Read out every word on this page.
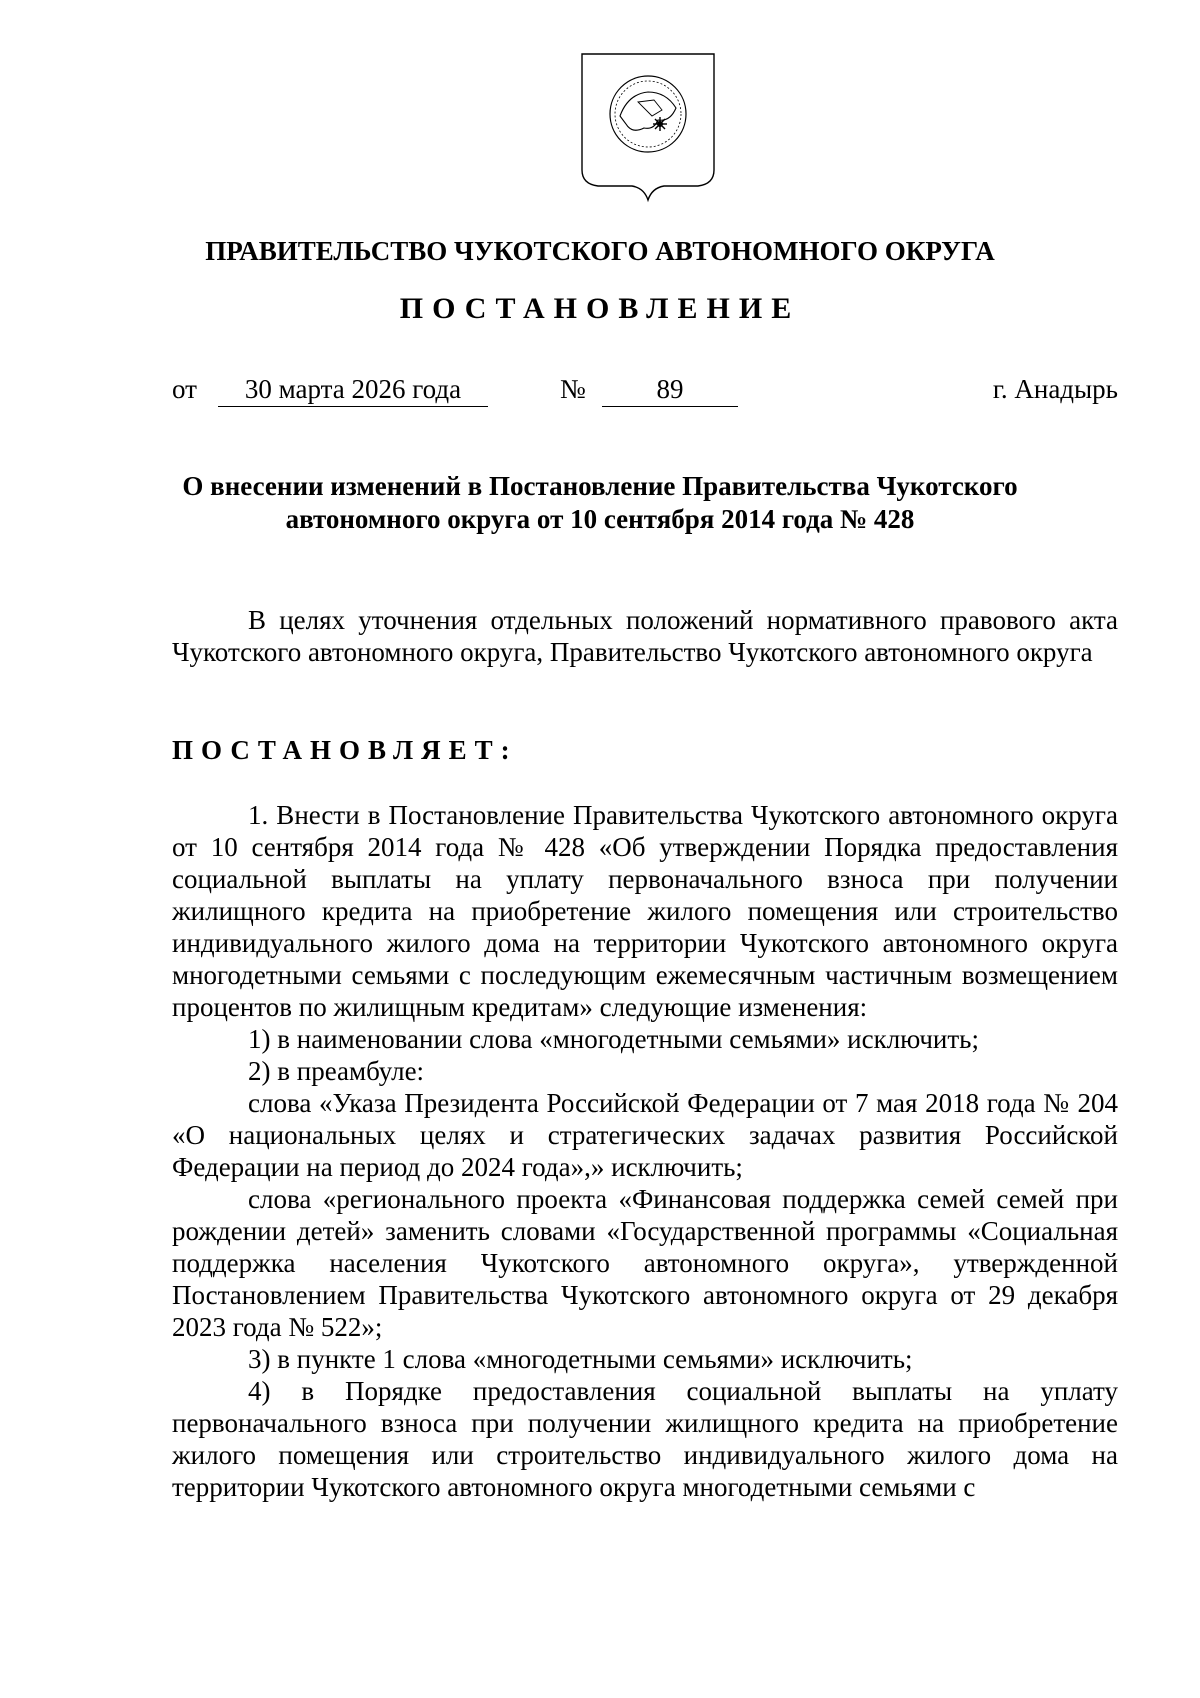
ПРАВИТЕЛЬСТВО ЧУКОТСКОГО АВТОНОМНОГО ОКРУГА
ПОСТАНОВЛЕНИЕ
от	30 марта 2026 года	№	89	г. Анадырь
О внесении изменений в Постановление Правительства Чукотского
автономного округа от 10 сентября 2014 года № 428

В целях уточнения отдельных положений нормативного правового акта Чукотского автономного округа, Правительство Чукотского автономного округа

ПОСТАНОВЛЯЕТ:

1. Внести в Постановление Правительства Чукотского автономного округа от 10 сентября 2014 года № 428 «Об утверждении Порядка предоставления социальной выплаты на уплату первоначального взноса при получении жилищного кредита на приобретение жилого помещения или строительство индивидуального жилого дома на территории Чукотского автономного округа многодетными семьями с последующим ежемесячным частичным возмещением процентов по жилищным кредитам» следующие изменения:

1) в наименовании слова «многодетными семьями» исключить;

2) в преамбуле:

слова «Указа Президента Российской Федерации от 7 мая 2018 года № 204 «О национальных целях и стратегических задачах развития Российской Федерации на период до 2024 года»,» исключить;

слова «регионального проекта «Финансовая поддержка семей семей при рождении детей» заменить словами «Государственной программы «Социальная поддержка населения Чукотского автономного округа», утвержденной Постановлением Правительства Чукотского автономного округа от 29 декабря 2023 года № 522»;

3) в пункте 1 слова «многодетными семьями» исключить;

4) в Порядке предоставления социальной выплаты на уплату первоначального взноса при получении жилищного кредита на приобретение жилого помещения или строительство индивидуального жилого дома на территории Чукотского автономного округа многодетными семьями с
